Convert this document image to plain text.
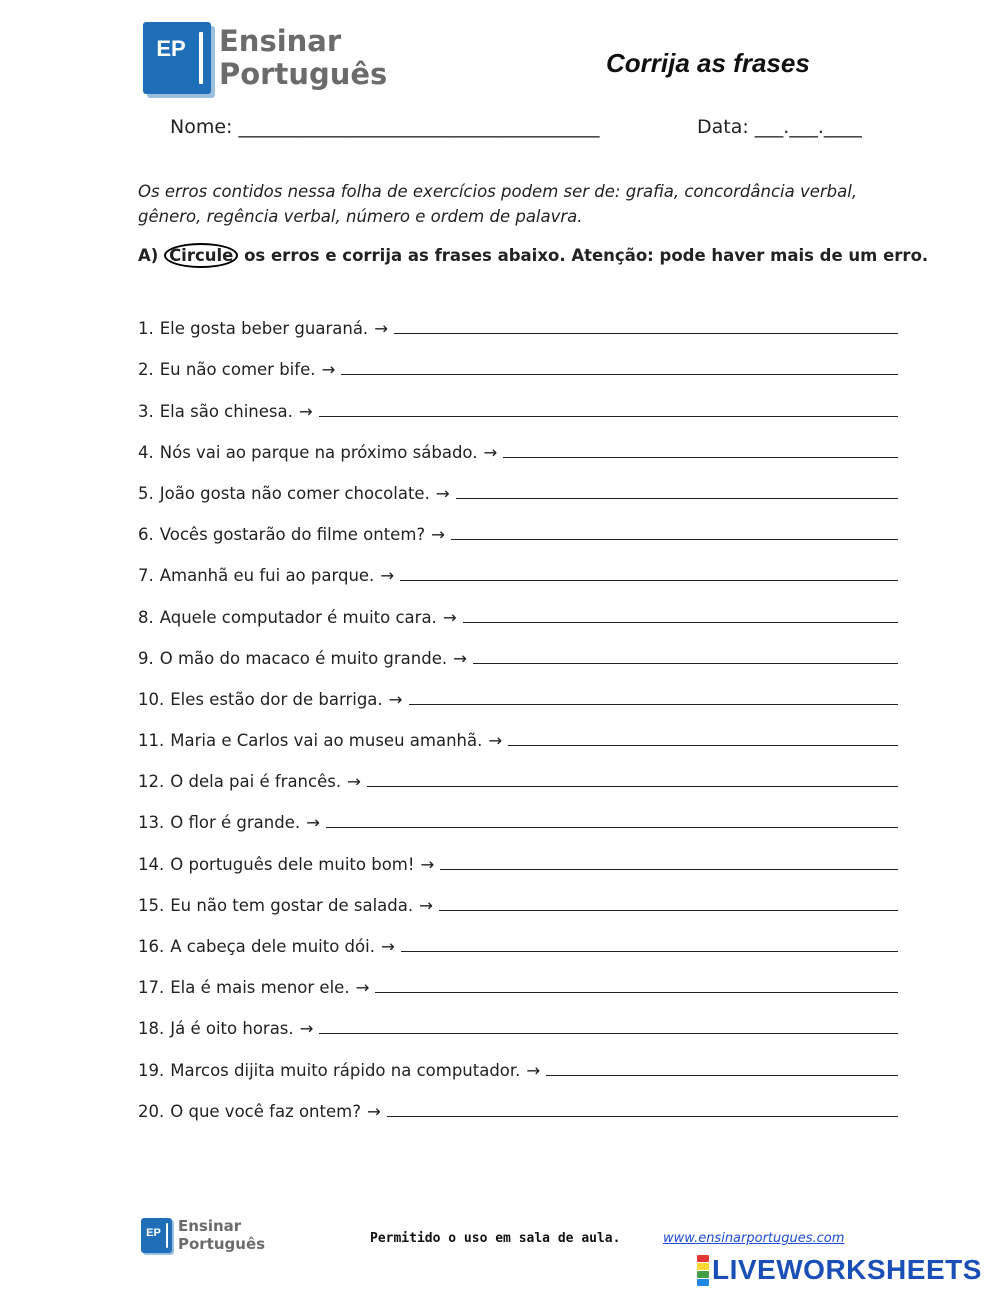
EP Ensinar
Português	Corrija as frases
Nome: ______________________________________	Data: ___.___.____
Os erros contidos nessa folha de exercícios podem ser de: grafia, concordância verbal, gênero, regência verbal, número e ordem de palavra.
A) Circule os erros e corrija as frases abaixo. Atenção: pode haver mais de um erro.
1. Ele gosta beber guaraná. →
2. Eu não comer bife. →
3. Ela são chinesa. →
4. Nós vai ao parque na próximo sábado. →
5. João gosta não comer chocolate. →
6. Vocês gostarão do filme ontem? →
7. Amanhã eu fui ao parque. →
8. Aquele computador é muito cara. →
9. O mão do macaco é muito grande. →
10. Eles estão dor de barriga. →
11. Maria e Carlos vai ao museu amanhã. →
12. O dela pai é francês. →
13. O flor é grande. →
14. O português dele muito bom! →
15. Eu não tem gostar de salada. →
16. A cabeça dele muito dói. →
17. Ela é mais menor ele. →
18. Já é oito horas. →
19. Marcos dijita muito rápido na computador. →
20. O que você faz ontem? →
EP Ensinar
Português	Permitido o uso em sala de aula.	www.ensinarportugues.com
LIVEWORKSHEETS
